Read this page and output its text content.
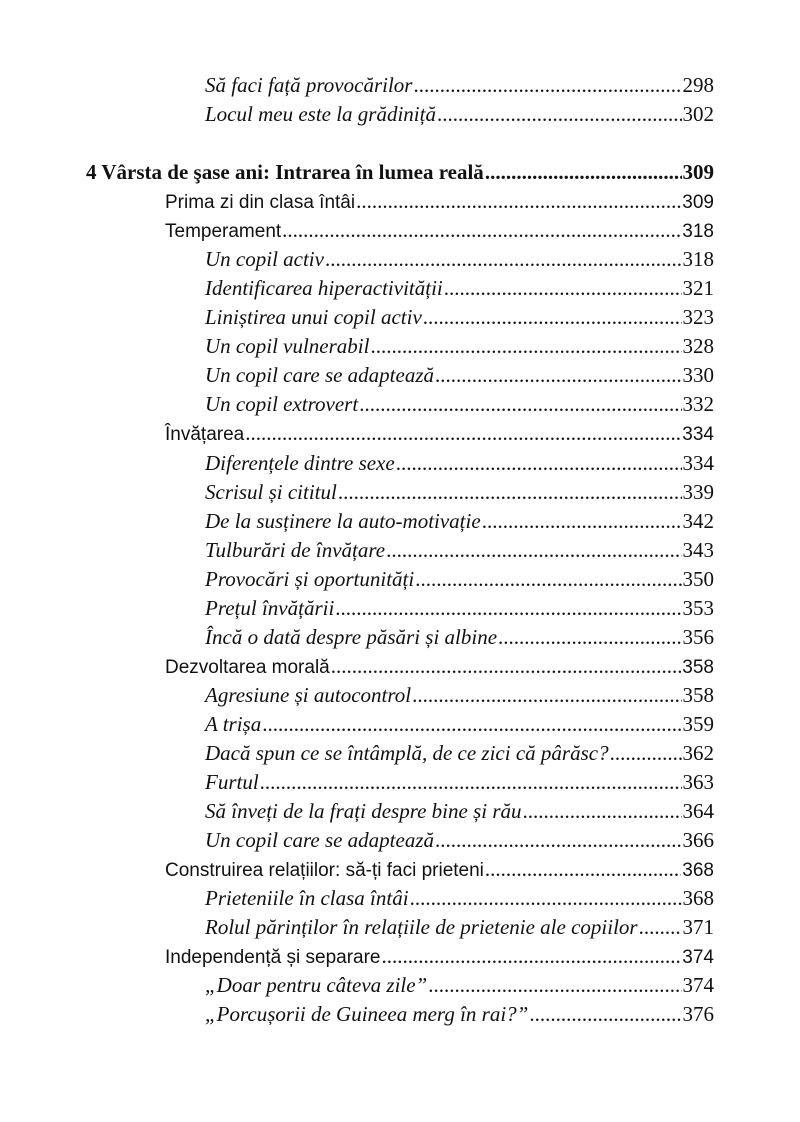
Să faci față provocărilor .....	298
Locul meu este la grădiniță .....	302
4 Vârsta de şase ani: Intrarea în lumea reală .....	309
Prima zi din clasa întâi .....	309
Temperament .....	318
Un copil activ .....	318
Identificarea hiperactivității .....	321
Liniștirea unui copil activ .....	323
Un copil vulnerabil .....	328
Un copil care se adaptează .....	330
Un copil extrovert .....	332
Învățarea .....	334
Diferențele dintre sexe .....	334
Scrisul și cititul .....	339
De la susținere la auto-motivație .....	342
Tulburări de învățare .....	343
Provocări și oportunități .....	350
Prețul învățării .....	353
Încă o dată despre păsări și albine .....	356
Dezvoltarea morală .....	358
Agresiune și autocontrol .....	358
A trișa .....	359
Dacă spun ce se întâmplă, de ce zici că pârăsc? .....	362
Furtul .....	363
Să înveți de la frați despre bine și rău .....	364
Un copil care se adaptează .....	366
Construirea relațiilor: să-ți faci prieteni .....	368
Prieteniile în clasa întâi .....	368
Rolul părinților în relațiile de prietenie ale copiilor ..... 371
Independență și separare .....	374
„Doar pentru câteva zile” .....	374
„Porcușorii de Guineea merg în rai?” .....	376
